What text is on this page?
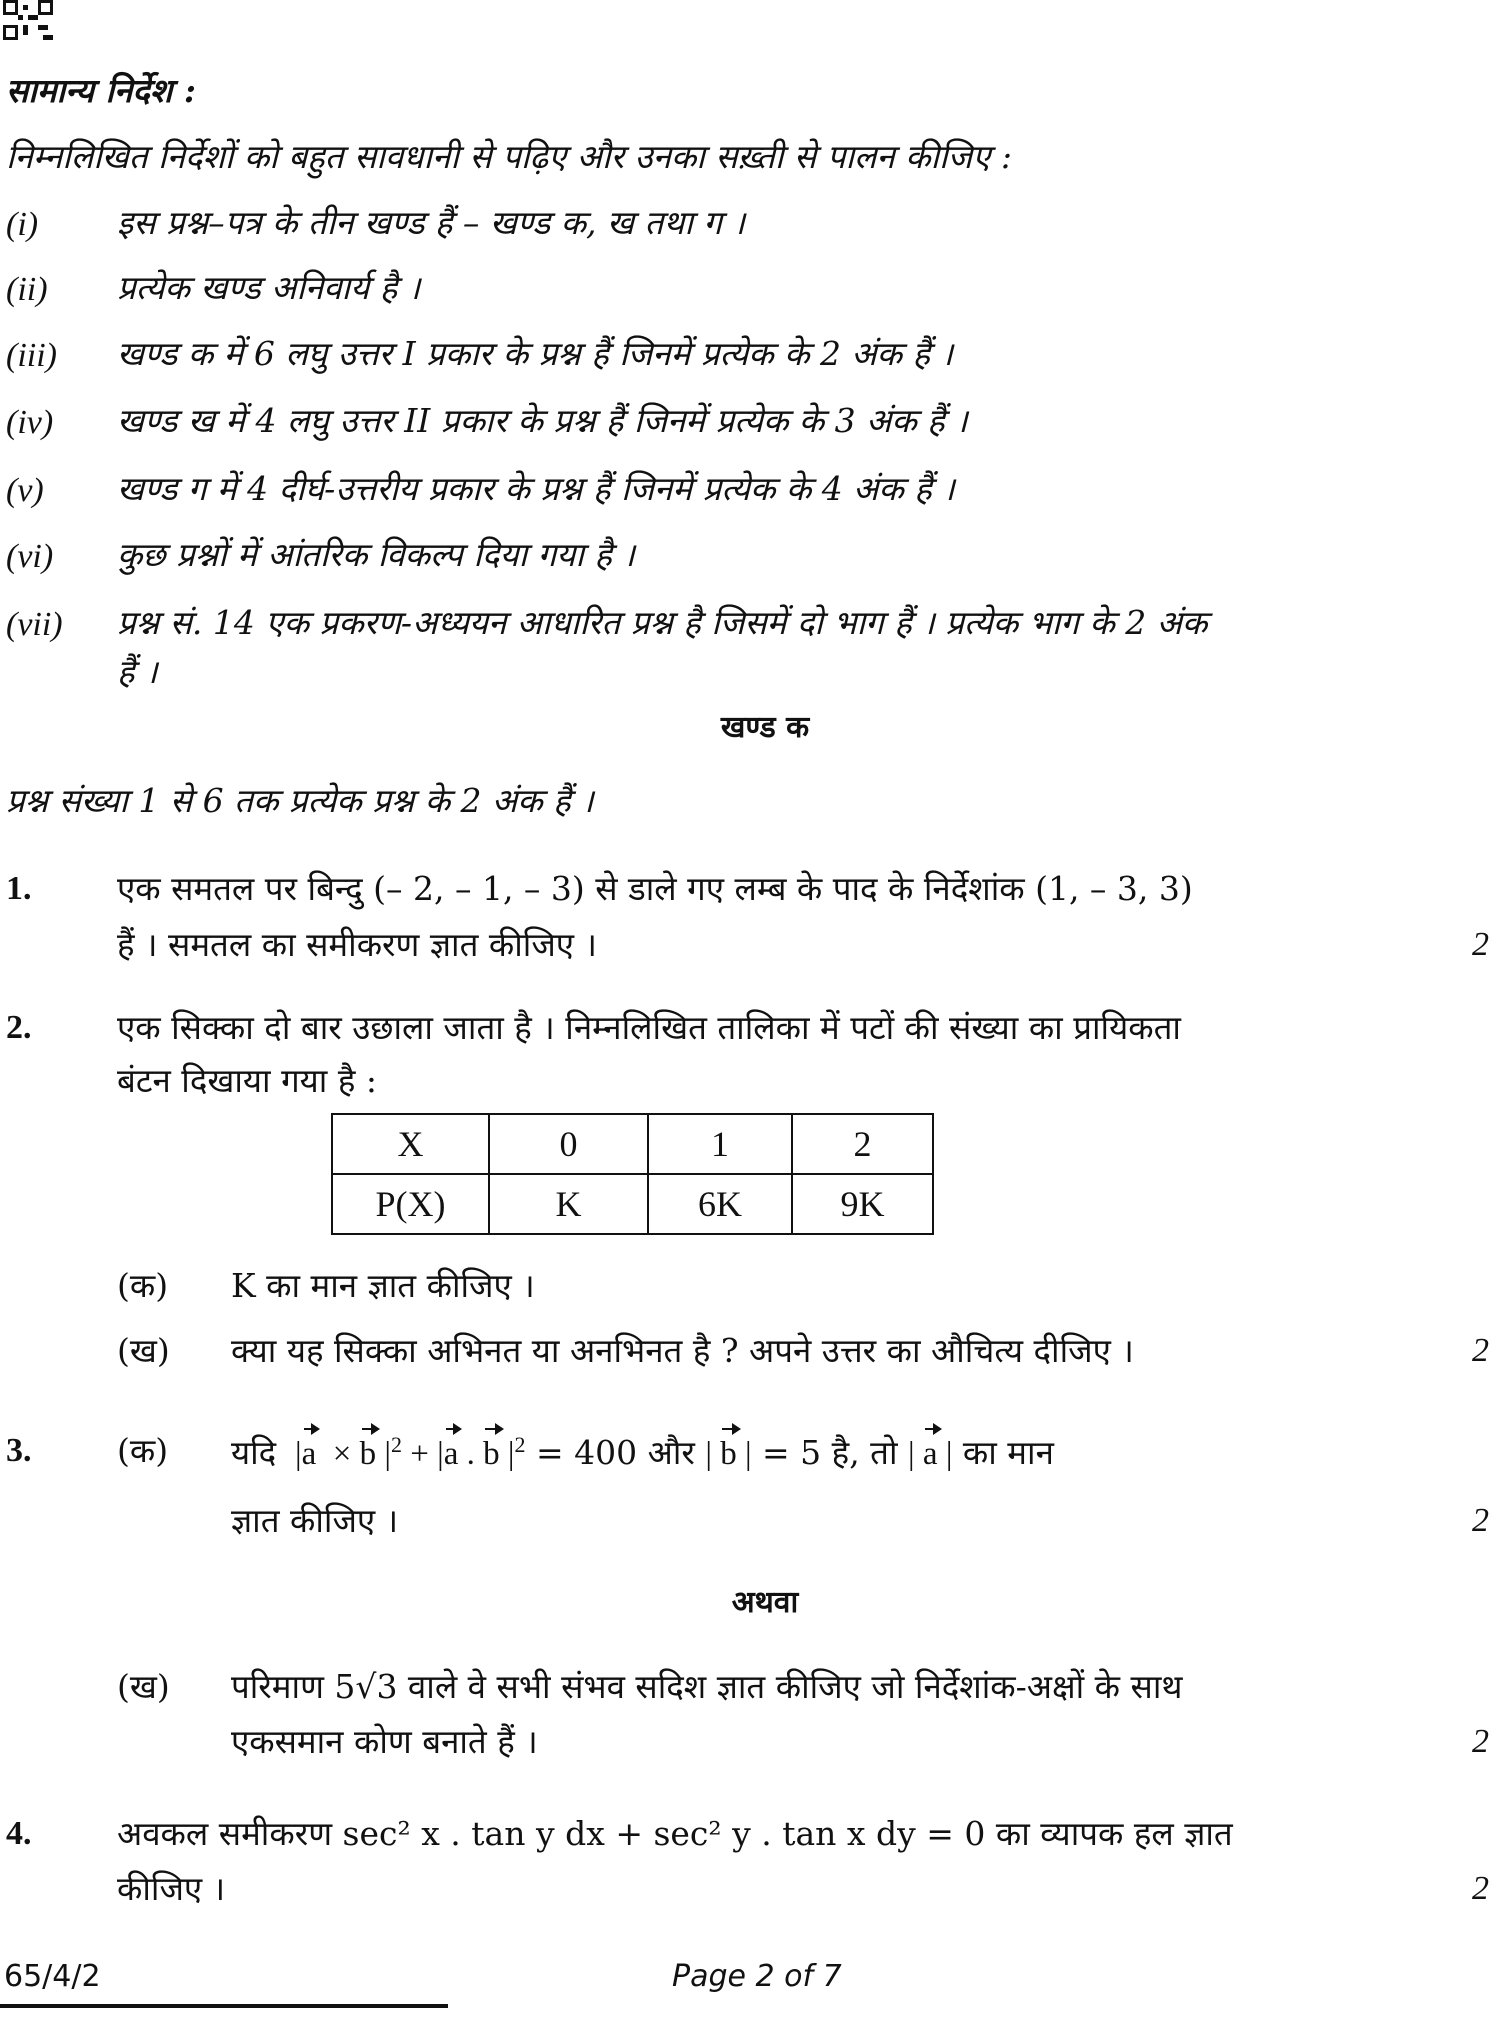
सामान्य निर्देश :
निम्नलिखित निर्देशों को बहुत सावधानी से पढ़िए और उनका सख़्ती से पालन कीजिए :
(i) इस प्रश्न–पत्र के तीन खण्ड हैं – खण्ड क, ख तथा ग ।
(ii) प्रत्येक खण्ड अनिवार्य है ।
(iii) खण्ड क में 6 लघु उत्तर I प्रकार के प्रश्न हैं जिनमें प्रत्येक के 2 अंक हैं ।
(iv) खण्ड ख में 4 लघु उत्तर II प्रकार के प्रश्न हैं जिनमें प्रत्येक के 3 अंक हैं ।
(v) खण्ड ग में 4 दीर्घ-उत्तरीय प्रकार के प्रश्न हैं जिनमें प्रत्येक के 4 अंक हैं ।
(vi) कुछ प्रश्नों में आंतरिक विकल्प दिया गया है ।
(vii) प्रश्न सं. 14 एक प्रकरण-अध्ययन आधारित प्रश्न है जिसमें दो भाग हैं । प्रत्येक भाग के 2 अंक
हैं ।
खण्ड क
प्रश्न संख्या 1 से 6 तक प्रत्येक प्रश्न के 2 अंक हैं ।
1.	एक समतल पर बिन्दु (– 2, – 1, – 3) से डाले गए लम्ब के पाद के निर्देशांक (1, – 3, 3)
हैं । समतल का समीकरण ज्ञात कीजिए ।	2
2.	एक सिक्का दो बार उछाला जाता है । निम्नलिखित तालिका में पटों की संख्या का प्रायिकता
बंटन दिखाया गया है :
X	0	1	2
P(X)	K	6K	9K
(क) K का मान ज्ञात कीजिए ।
(ख) क्या यह सिक्का अभिनत या अनभिनत है ? अपने उत्तर का औचित्य दीजिए ।	2
3.	(क) यदि  |a  × b $|^2 + |a$ . b $|^2 = 400$ और | b | = 5 है, तो | a | का मान
ज्ञात कीजिए ।	2
अथवा
(ख) परिमाण 5√3 वाले वे सभी संभव सदिश ज्ञात कीजिए जो निर्देशांक-अक्षों के साथ
एकसमान कोण बनाते हैं ।	2
4.	अवकल समीकरण sec² x . tan y dx + sec² y . tan x dy = 0 का व्यापक हल ज्ञात
कीजिए ।	2
65/4/2	Page 2 of 7
